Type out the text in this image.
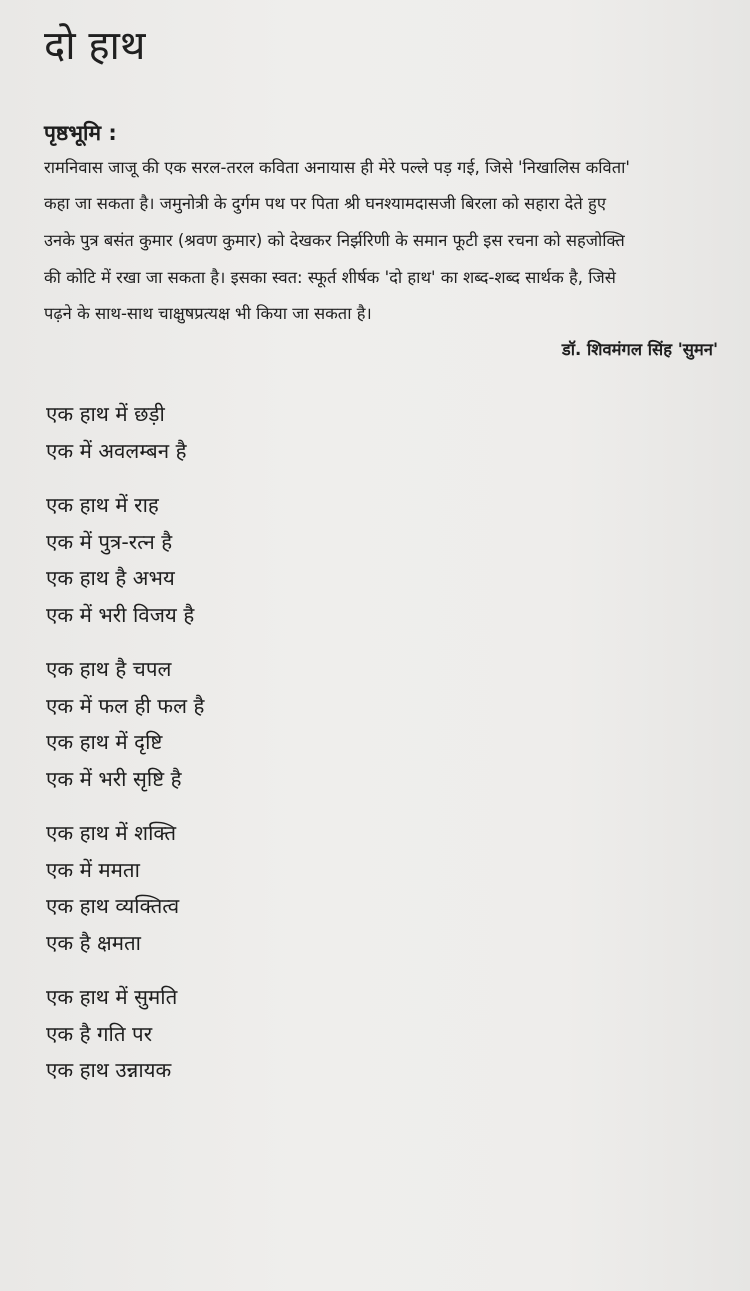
दो हाथ
पृष्ठभूमि :

रामनिवास जाजू की एक सरल-तरल कविता अनायास ही मेरे पल्ले पड़ गई, जिसे 'निखालिस कविता'

कहा जा सकता है। जमुनोत्री के दुर्गम पथ पर पिता श्री घनश्यामदासजी बिरला को सहारा देते हुए

उनके पुत्र बसंत कुमार (श्रवण कुमार) को देखकर निर्झरिणी के समान फूटी इस रचना को सहजोक्ति

की कोटि में रखा जा सकता है। इसका स्वत: स्फूर्त शीर्षक 'दो हाथ' का शब्द-शब्द सार्थक है, जिसे

पढ़ने के साथ-साथ चाक्षुषप्रत्यक्ष भी किया जा सकता है।

डॉ. शिवमंगल सिंह 'सुमन'

एक हाथ में छड़ी

एक में अवलम्बन है

एक हाथ में राह

एक में पुत्र-रत्न है

एक हाथ है अभय

एक में भरी विजय है

एक हाथ है चपल

एक में फल ही फल है

एक हाथ में दृष्टि

एक में भरी सृष्टि है

एक हाथ में शक्ति

एक में ममता

एक हाथ व्यक्तित्व

एक है क्षमता

एक हाथ में सुमति

एक है गति पर

एक हाथ उन्नायक
